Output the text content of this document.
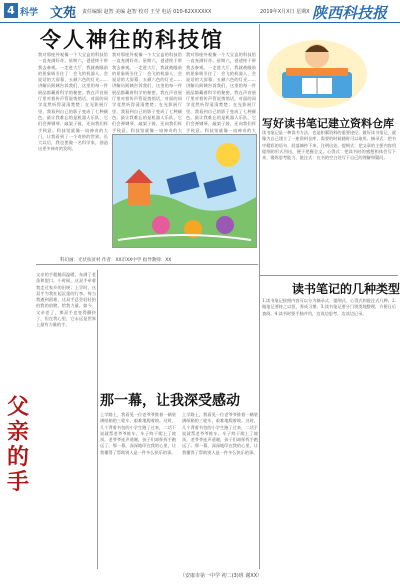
4 科学 文苑 责任编辑 赵智 美编 赵智 校对 王莹 电话 010-62XXXXXX	2019年X月X日 星期X 陕西科技报
令人神往的科技馆

我对那座外观像一个大宝盒的科技馆一直充满好奇。星期六，爸爸终于带我去参观。一走进大厅，我就被眼前的景象吸引住了：会飞的机器人、会说话的大屏幕、五颜六色的灯光……讲解员阿姨告诉我们，这里的每一件展品都藏着科学的秘密。我在声音展厅里对着传声管说悄悄话，对面的同学竟然听得清清楚楚；在光影展厅里，我看到自己的影子变成了七种颜色。最让我难忘的是机器人乐队，它们会弹钢琴、敲架子鼓，还向我们挥手致意。科技馆就像一扇神奇的大门，让我看到了一个奇妙的世界。长大以后，我也要做一名科学家，创造出更多神奇的发明。

我对那座外观像一个大宝盒的科技馆一直充满好奇。星期六，爸爸终于带我去参观。一走进大厅，我就被眼前的景象吸引住了：会飞的机器人、会说话的大屏幕、五颜六色的灯光……讲解员阿姨告诉我们，这里的每一件展品都藏着科学的秘密。我在声音展厅里对着传声管说悄悄话，对面的同学竟然听得清清楚楚；在光影展厅里，我看到自己的影子变成了七种颜色。最让我难忘的是机器人乐队，它们会弹钢琴、敲架子鼓，还向我们挥手致意。科技馆就像一扇神奇的大

我对那座外观像一个大宝盒的科技馆一直充满好奇。星期六，爸爸终于带我去参观。一走进大厅，我就被眼前的景象吸引住了：会飞的机器人、会说话的大屏幕、五颜六色的灯光……讲解员阿姨告诉我们，这里的每一件展品都藏着科学的秘密。我在声音展厅里对着传声管说悄悄话，对面的同学竟然听得清清楚楚；在光影展厅里，我看到自己的影子变成了七种颜色。最让我难忘的是机器人乐队，它们会弹钢琴、敲架子鼓，还向我们挥手致意。科技馆就像一扇神奇的大

科幻画：光伏扶贫村 作者：XX市XX中学 指导教师：XX
写好读书笔记建立资料仓库

读书笔记是一种读书方法，也是积累资料的重要途径。做好读书笔记，就像为自己建立了一座资料仓库，需要的时候随时可以取用。摘录式：把书中精彩的语句、段落摘抄下来，注明出处。提纲式：把文章的主要内容用提纲的形式列出，便于把握全文。心得式：把读书时的感想和体会写下来，锻炼思考能力。批注式：在书的空白处写下自己的理解和疑问。

读书笔记的几种类型

1.读书笔记按照内容可以分为摘录式、提纲式、心得式和批注式几种。2.做笔记要持之以恒，养成习惯。3.读书笔记要分门别类地整理，方便日后查阅。4.读书时要手脑并用，边读边思考，边读边记录。

那一幕，让我深受感动

上学路上，我看见一位老爷爷推着一辆装满纸箱的三轮车，艰难地爬着坡。这时，几个背着书包的小学生跑了过来，二话不说就帮老爷爷推车。车子终于爬上了坡顶，老爷爷连声道谢，孩子们却挥挥手跑远了。那一幕，深深地印在我的心里，让我懂得了帮助别人是一件多么快乐的事。

上学路上，我看见一位老爷爷推着一辆装满纸箱的三轮车，艰难地爬着坡。这时，几个背着书包的小学生跑了过来，二话不说就帮老爷爷推车。车子终于爬上了坡顶，老爷爷连声道谢，孩子们却挥挥手跑远了。那一幕，深深地印在我的心里，让我懂得了帮助别人是一件多么快乐的事。

父亲的手

父亲的手粗糙而温暖，布满了老茧和裂口。小时候，这双手牵着我走过家乡的田埂；上学时，这双手为我扛起沉重的行李。每当我遇到困难，这双手总会轻轻拍拍我的肩膀，给我力量。如今，父亲老了，那双手也变得颤抖了，但在我心里，它永远是世界上最有力量的手。

（安康市第一中学 初二(3)班 谢XX）
